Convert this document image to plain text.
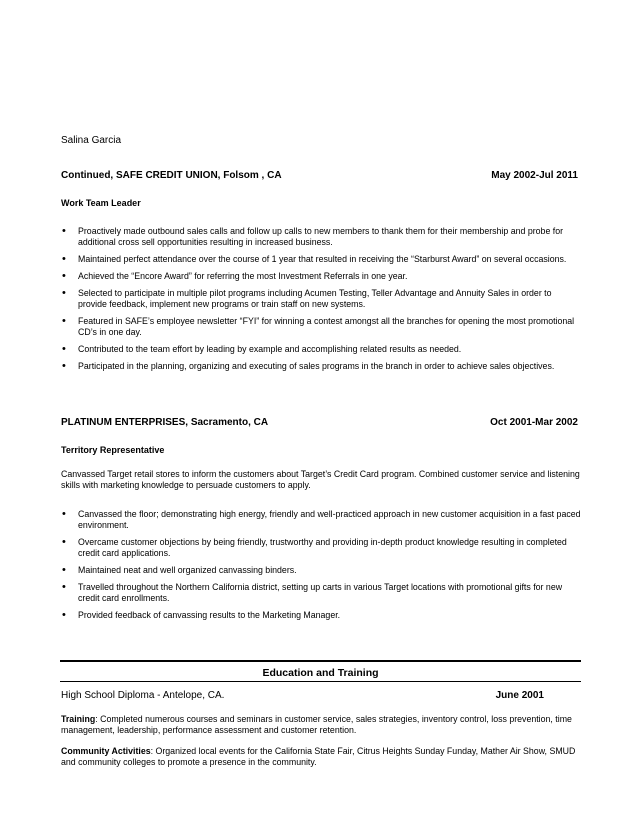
Salina Garcia
Continued, SAFE CREDIT UNION, Folsom , CA	May 2002-Jul 2011
Work Team Leader
• Proactively made outbound sales calls and follow up calls to new members to thank them for their membership and probe for additional cross sell opportunities resulting in increased business.
• Maintained perfect attendance over the course of 1 year that resulted in receiving the “Starburst Award” on several occasions.
• Achieved the “Encore Award” for referring the most Investment Referrals in one year.
• Selected to participate in multiple pilot programs including Acumen Testing, Teller Advantage and Annuity Sales in order to provide feedback, implement new programs or train staff on new systems.
• Featured in SAFE’s employee newsletter “FYI” for winning a contest amongst all the branches for opening the most promotional CD’s in one day.
• Contributed to the team effort by leading by example and accomplishing related results as needed.
• Participated in the planning, organizing and executing of sales programs in the branch in order to achieve sales objectives.
PLATINUM ENTERPRISES, Sacramento, CA	Oct 2001-Mar 2002
Territory Representative
Canvassed Target retail stores to inform the customers about Target’s Credit Card program. Combined customer service and listening skills with marketing knowledge to persuade customers to apply.
• Canvassed the floor; demonstrating high energy, friendly and well-practiced approach in new customer acquisition in a fast paced environment.
• Overcame customer objections by being friendly, trustworthy and providing in-depth product knowledge resulting in completed credit card applications.
• Maintained neat and well organized canvassing binders.
• Travelled throughout the Northern California district, setting up carts in various Target locations with promotional gifts for new credit card enrollments.
• Provided feedback of canvassing results to the Marketing Manager.
Education and Training
High School Diploma - Antelope, CA.	June 2001
Training: Completed numerous courses and seminars in customer service, sales strategies, inventory control, loss prevention, time management, leadership, performance assessment and customer retention.
Community Activities: Organized local events for the California State Fair, Citrus Heights Sunday Funday, Mather Air Show, SMUD and community colleges to promote a presence in the community.
